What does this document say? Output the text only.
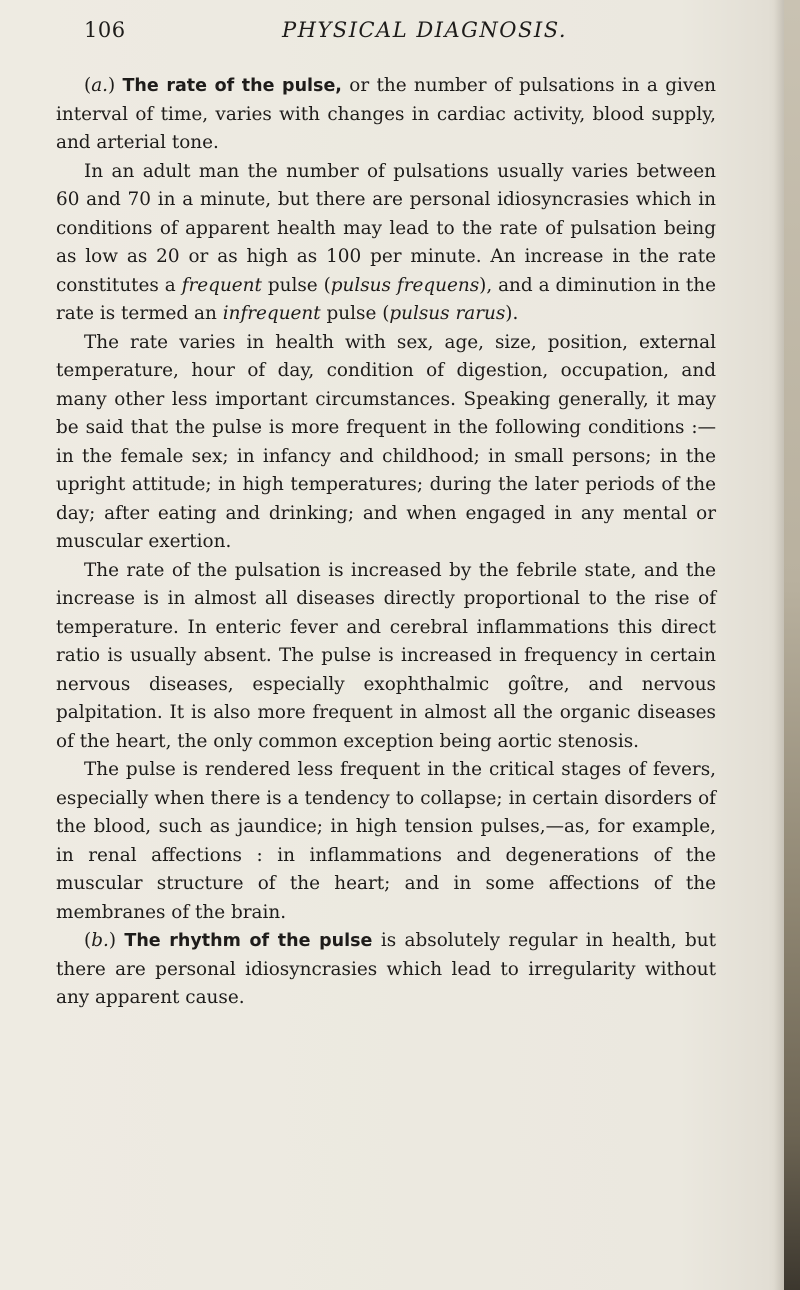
106	PHYSICAL DIAGNOSIS.

(a.) The rate of the pulse, or the number of pulsations in a given interval of time, varies with changes in cardiac activity, blood supply, and arterial tone.

In an adult man the number of pulsations usually varies between 60 and 70 in a minute, but there are personal idiosyncrasies which in conditions of apparent health may lead to the rate of pulsation being as low as 20 or as high as 100 per minute. An increase in the rate constitutes a frequent pulse (pulsus frequens), and a diminution in the rate is termed an infrequent pulse (pulsus rarus).

The rate varies in health with sex, age, size, position, external temperature, hour of day, condition of digestion, occupation, and many other less important circumstances. Speaking generally, it may be said that the pulse is more frequent in the following conditions :—in the female sex; in infancy and childhood; in small persons; in the upright attitude; in high temperatures; during the later periods of the day; after eating and drinking; and when engaged in any mental or muscular exertion.

The rate of the pulsation is increased by the febrile state, and the increase is in almost all diseases directly proportional to the rise of temperature. In enteric fever and cerebral inflammations this direct ratio is usually absent. The pulse is increased in frequency in certain nervous diseases, especially exophthalmic goître, and nervous palpitation. It is also more frequent in almost all the organic diseases of the heart, the only common exception being aortic stenosis.

The pulse is rendered less frequent in the critical stages of fevers, especially when there is a tendency to collapse; in certain disorders of the blood, such as jaundice; in high tension pulses,—as, for example, in renal affections : in inflammations and degenerations of the muscular structure of the heart; and in some affections of the membranes of the brain.

(b.) The rhythm of the pulse is absolutely regular in health, but there are personal idiosyncrasies which lead to irregularity without any apparent cause.
